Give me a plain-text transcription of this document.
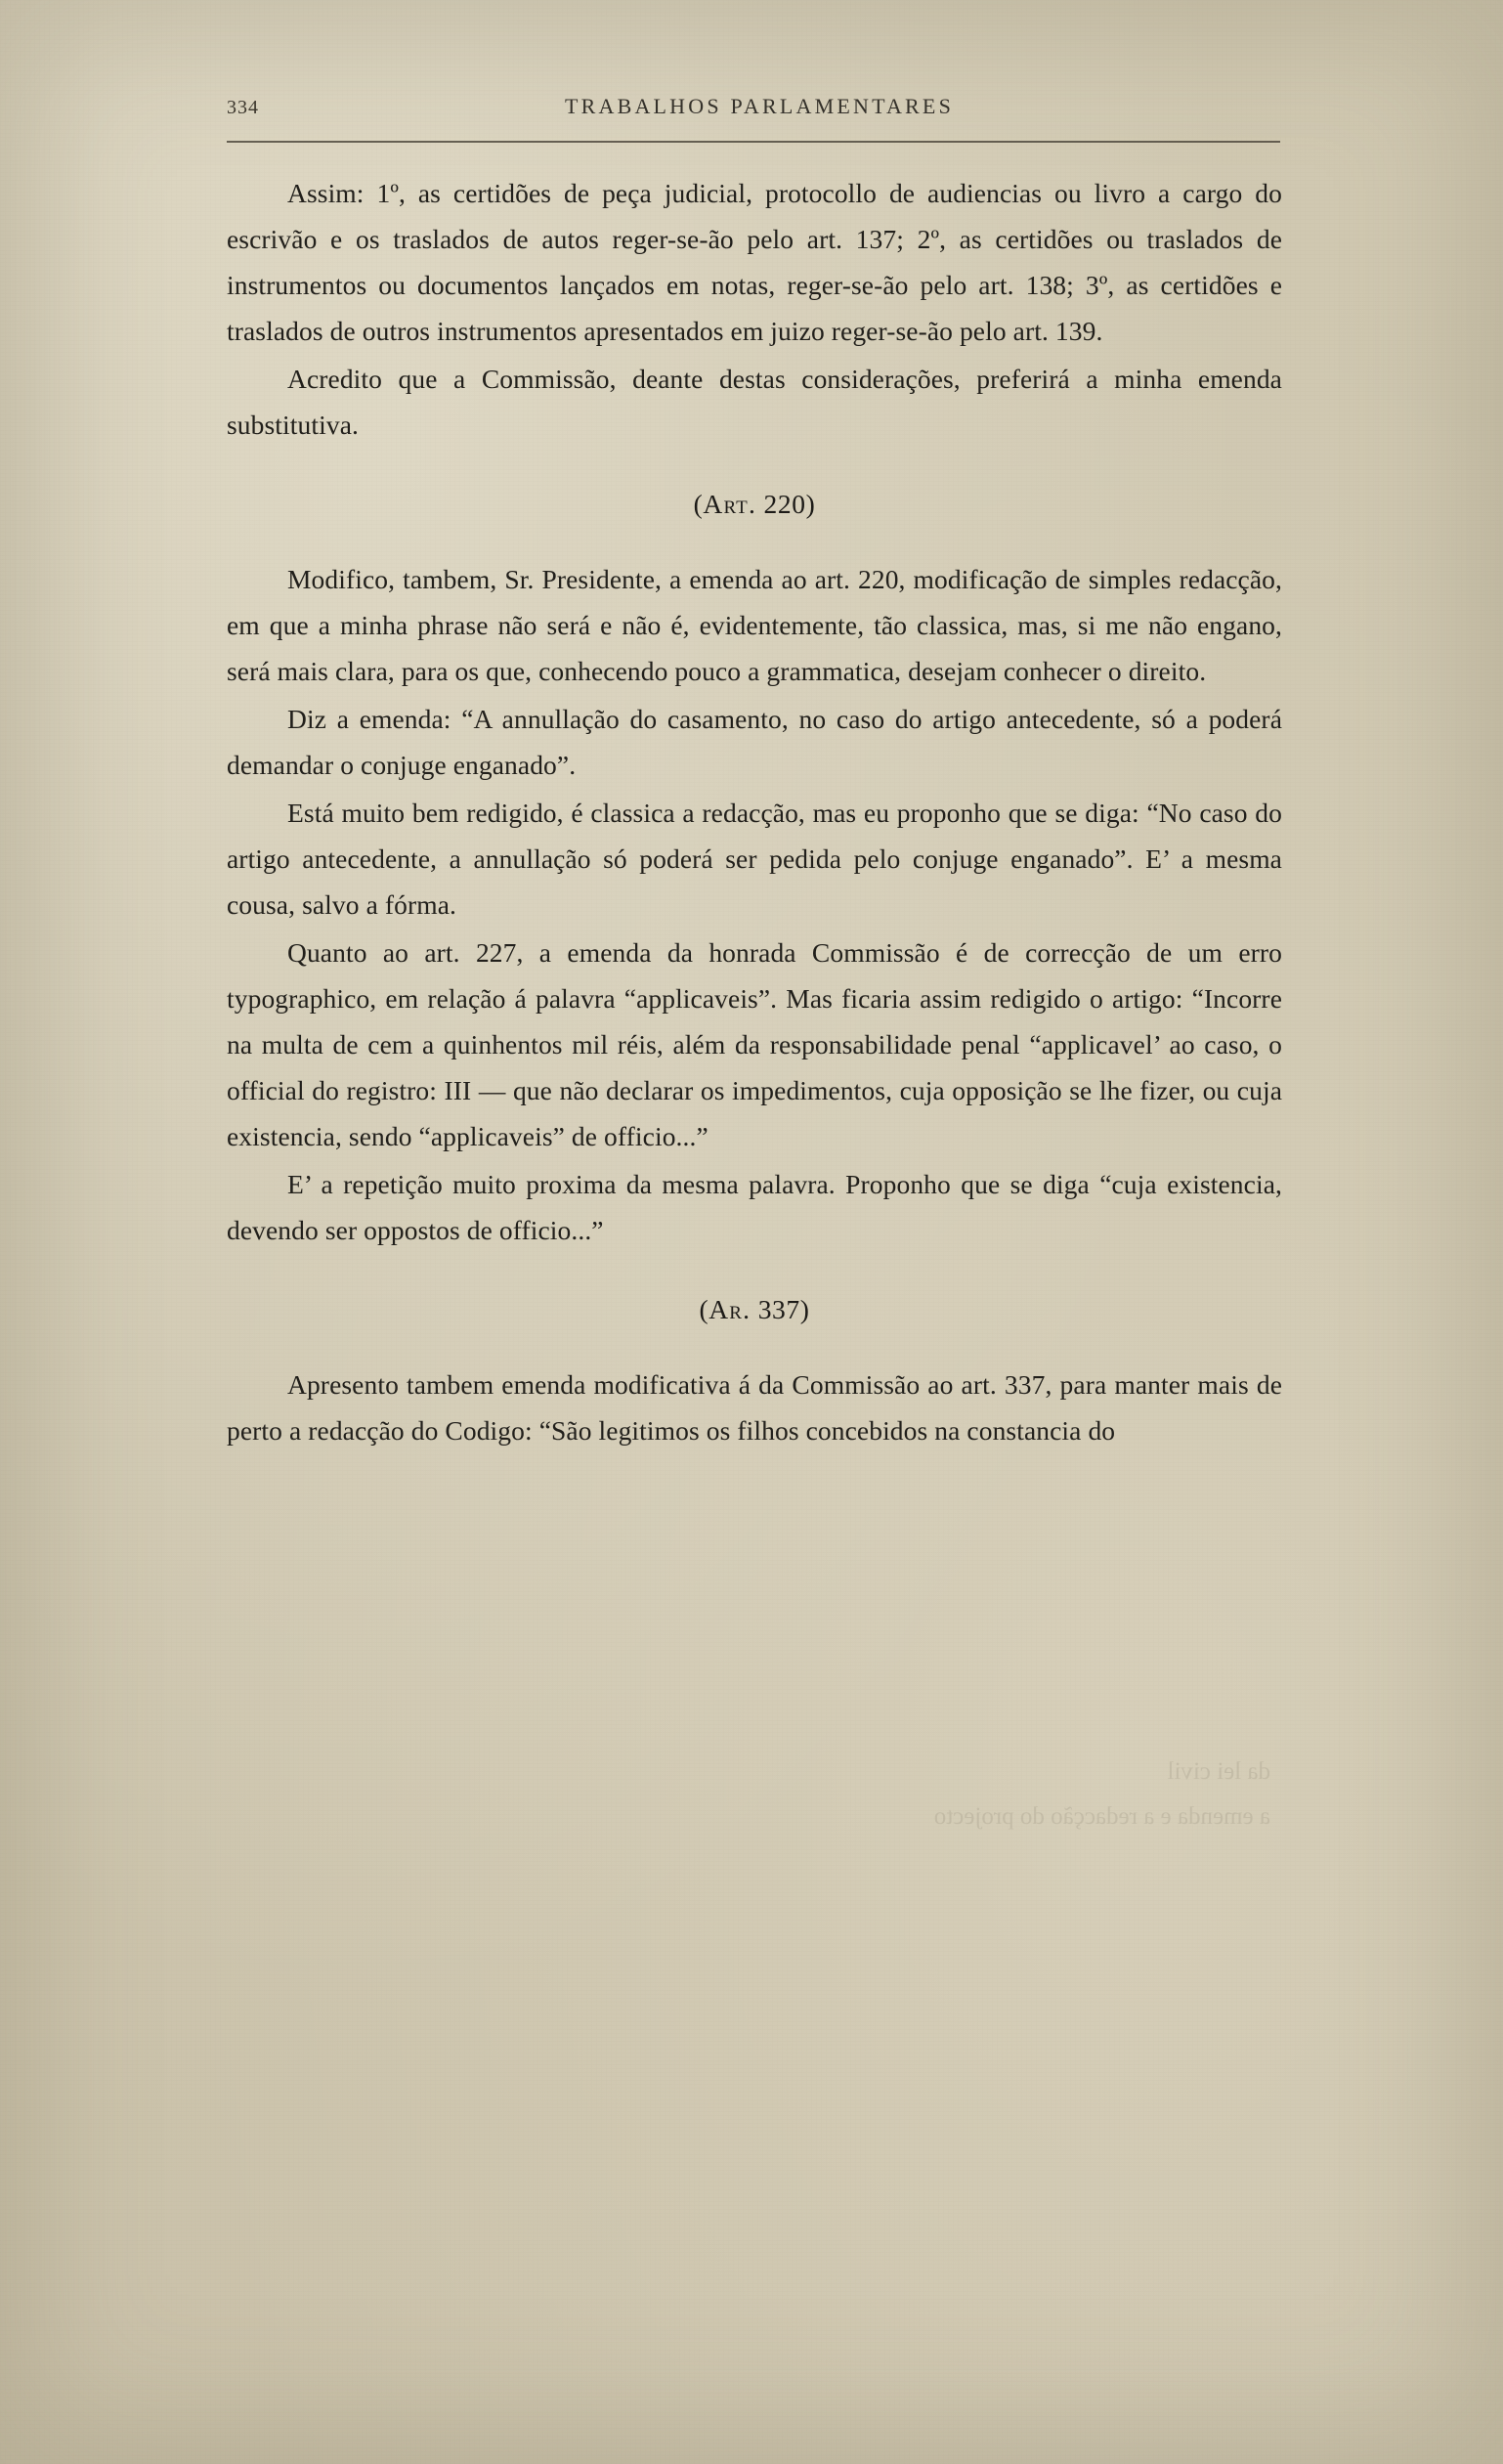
334	TRABALHOS PARLAMENTARES

Assim: 1º, as certidões de peça judicial, protocollo de audiencias ou livro a cargo do escrivão e os traslados de autos reger-se-ão pelo art. 137; 2º, as certidões ou traslados de instrumentos ou documentos lançados em notas, reger-se-ão pelo art. 138; 3º, as certidões e traslados de outros instrumentos apresentados em juizo reger-se-ão pelo art. 139.

Acredito que a Commissão, deante destas considerações, preferirá a minha emenda substitutiva.

(Art. 220)

Modifico, tambem, Sr. Presidente, a emenda ao art. 220, modificação de simples redacção, em que a minha phrase não será e não é, evidentemente, tão classica, mas, si me não engano, será mais clara, para os que, conhecendo pouco a grammatica, desejam conhecer o direito.

Diz a emenda: “A annullação do casamento, no caso do artigo antecedente, só a poderá demandar o conjuge enganado”.

Está muito bem redigido, é classica a redacção, mas eu proponho que se diga: “No caso do artigo antecedente, a annullação só poderá ser pedida pelo conjuge enganado”. E’ a mesma cousa, salvo a fórma.

Quanto ao art. 227, a emenda da honrada Commissão é de correcção de um erro typographico, em relação á palavra “applicaveis”. Mas ficaria assim redigido o artigo: “Incorre na multa de cem a quinhentos mil réis, além da responsabilidade penal “applicavel’ ao caso, o official do registro: III — que não declarar os impedimentos, cuja opposição se lhe fizer, ou cuja existencia, sendo “applicaveis” de officio...”

E’ a repetição muito proxima da mesma palavra. Proponho que se diga “cuja existencia, devendo ser oppostos de officio...”

(Ar. 337)

Apresento tambem emenda modificativa á da Commissão ao art. 337, para manter mais de perto a redacção do Codigo: “São legitimos os filhos concebidos na constancia do

da lei civil
a emenda e a redacção do projecto
